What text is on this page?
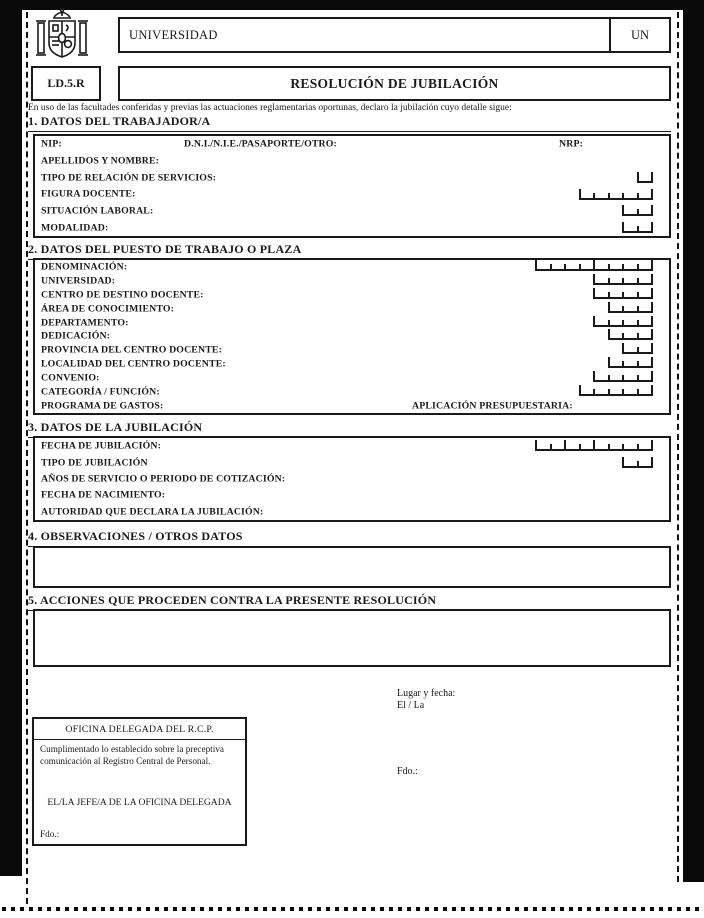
UNIVERSIDAD	UN
LD.5.R	RESOLUCIÓN DE JUBILACIÓN
En uso de las facultades conferidas y previas las actuaciones reglamentarias oportunas, declaro la jubilación cuyo detalle sigue:
1. DATOS DEL TRABAJADOR/A
NIP:	D.N.I./N.I.E./PASAPORTE/OTRO:	NRP:
APELLIDOS Y NOMBRE:
TIPO DE RELACIÓN DE SERVICIOS:
FIGURA DOCENTE:
SITUACIÓN LABORAL:
MODALIDAD:
2. DATOS DEL PUESTO DE TRABAJO O PLAZA
DENOMINACIÓN:
UNIVERSIDAD:
CENTRO DE DESTINO DOCENTE:
ÁREA DE CONOCIMIENTO:
DEPARTAMENTO:
DEDICACIÓN:
PROVINCIA DEL CENTRO DOCENTE:
LOCALIDAD DEL CENTRO DOCENTE:
CONVENIO:
CATEGORÍA / FUNCIÓN:
PROGRAMA DE GASTOS:	APLICACIÓN PRESUPUESTARIA:
3. DATOS DE LA JUBILACIÓN
FECHA DE JUBILACIÓN:
TIPO DE JUBILACIÓN
AÑOS DE SERVICIO O PERIODO DE COTIZACIÓN:
FECHA DE NACIMIENTO:
AUTORIDAD QUE DECLARA LA JUBILACIÓN:
4. OBSERVACIONES / OTROS DATOS
5. ACCIONES QUE PROCEDEN CONTRA LA PRESENTE RESOLUCIÓN
Lugar y fecha:
El / La
Fdo.:
OFICINA DELEGADA DEL R.C.P.
Cumplimentado lo establecido sobre la preceptiva comunicación al Registro Central de Personal.
EL/LA JEFE/A DE LA OFICINA DELEGADA
Fdo.:
